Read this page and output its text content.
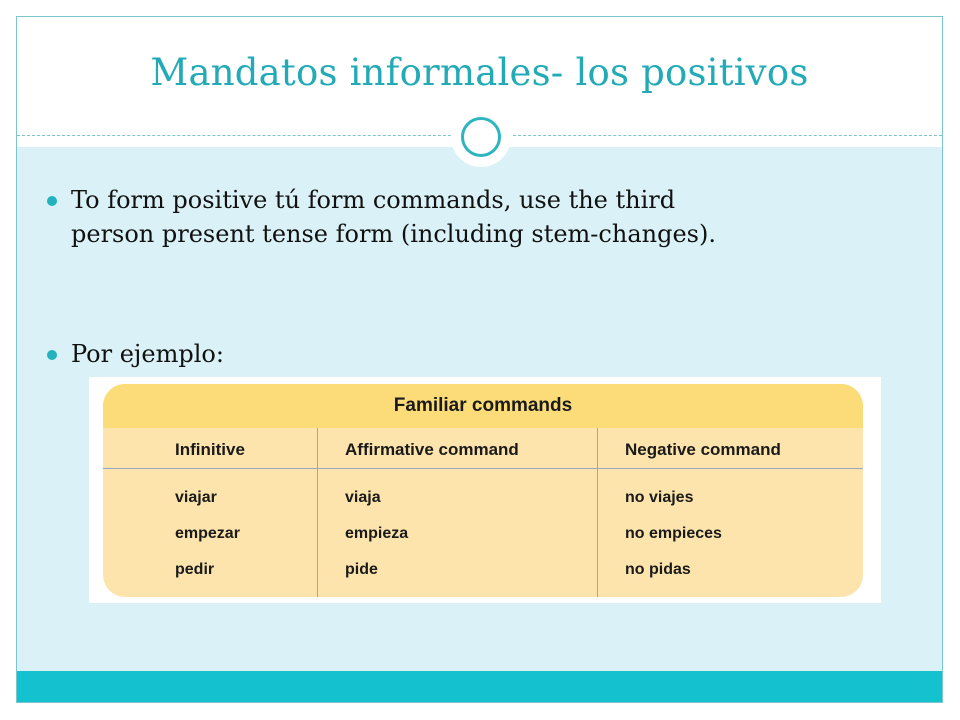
Mandatos informales- los positivos
To form positive tú form commands, use the third
person present tense form (including stem-changes).
Por ejemplo:
Familiar commands
Infinitive	Affirmative command	Negative command
viajar	viaja	no viajes
empezar	empieza	no empieces
pedir	pide	no pidas
